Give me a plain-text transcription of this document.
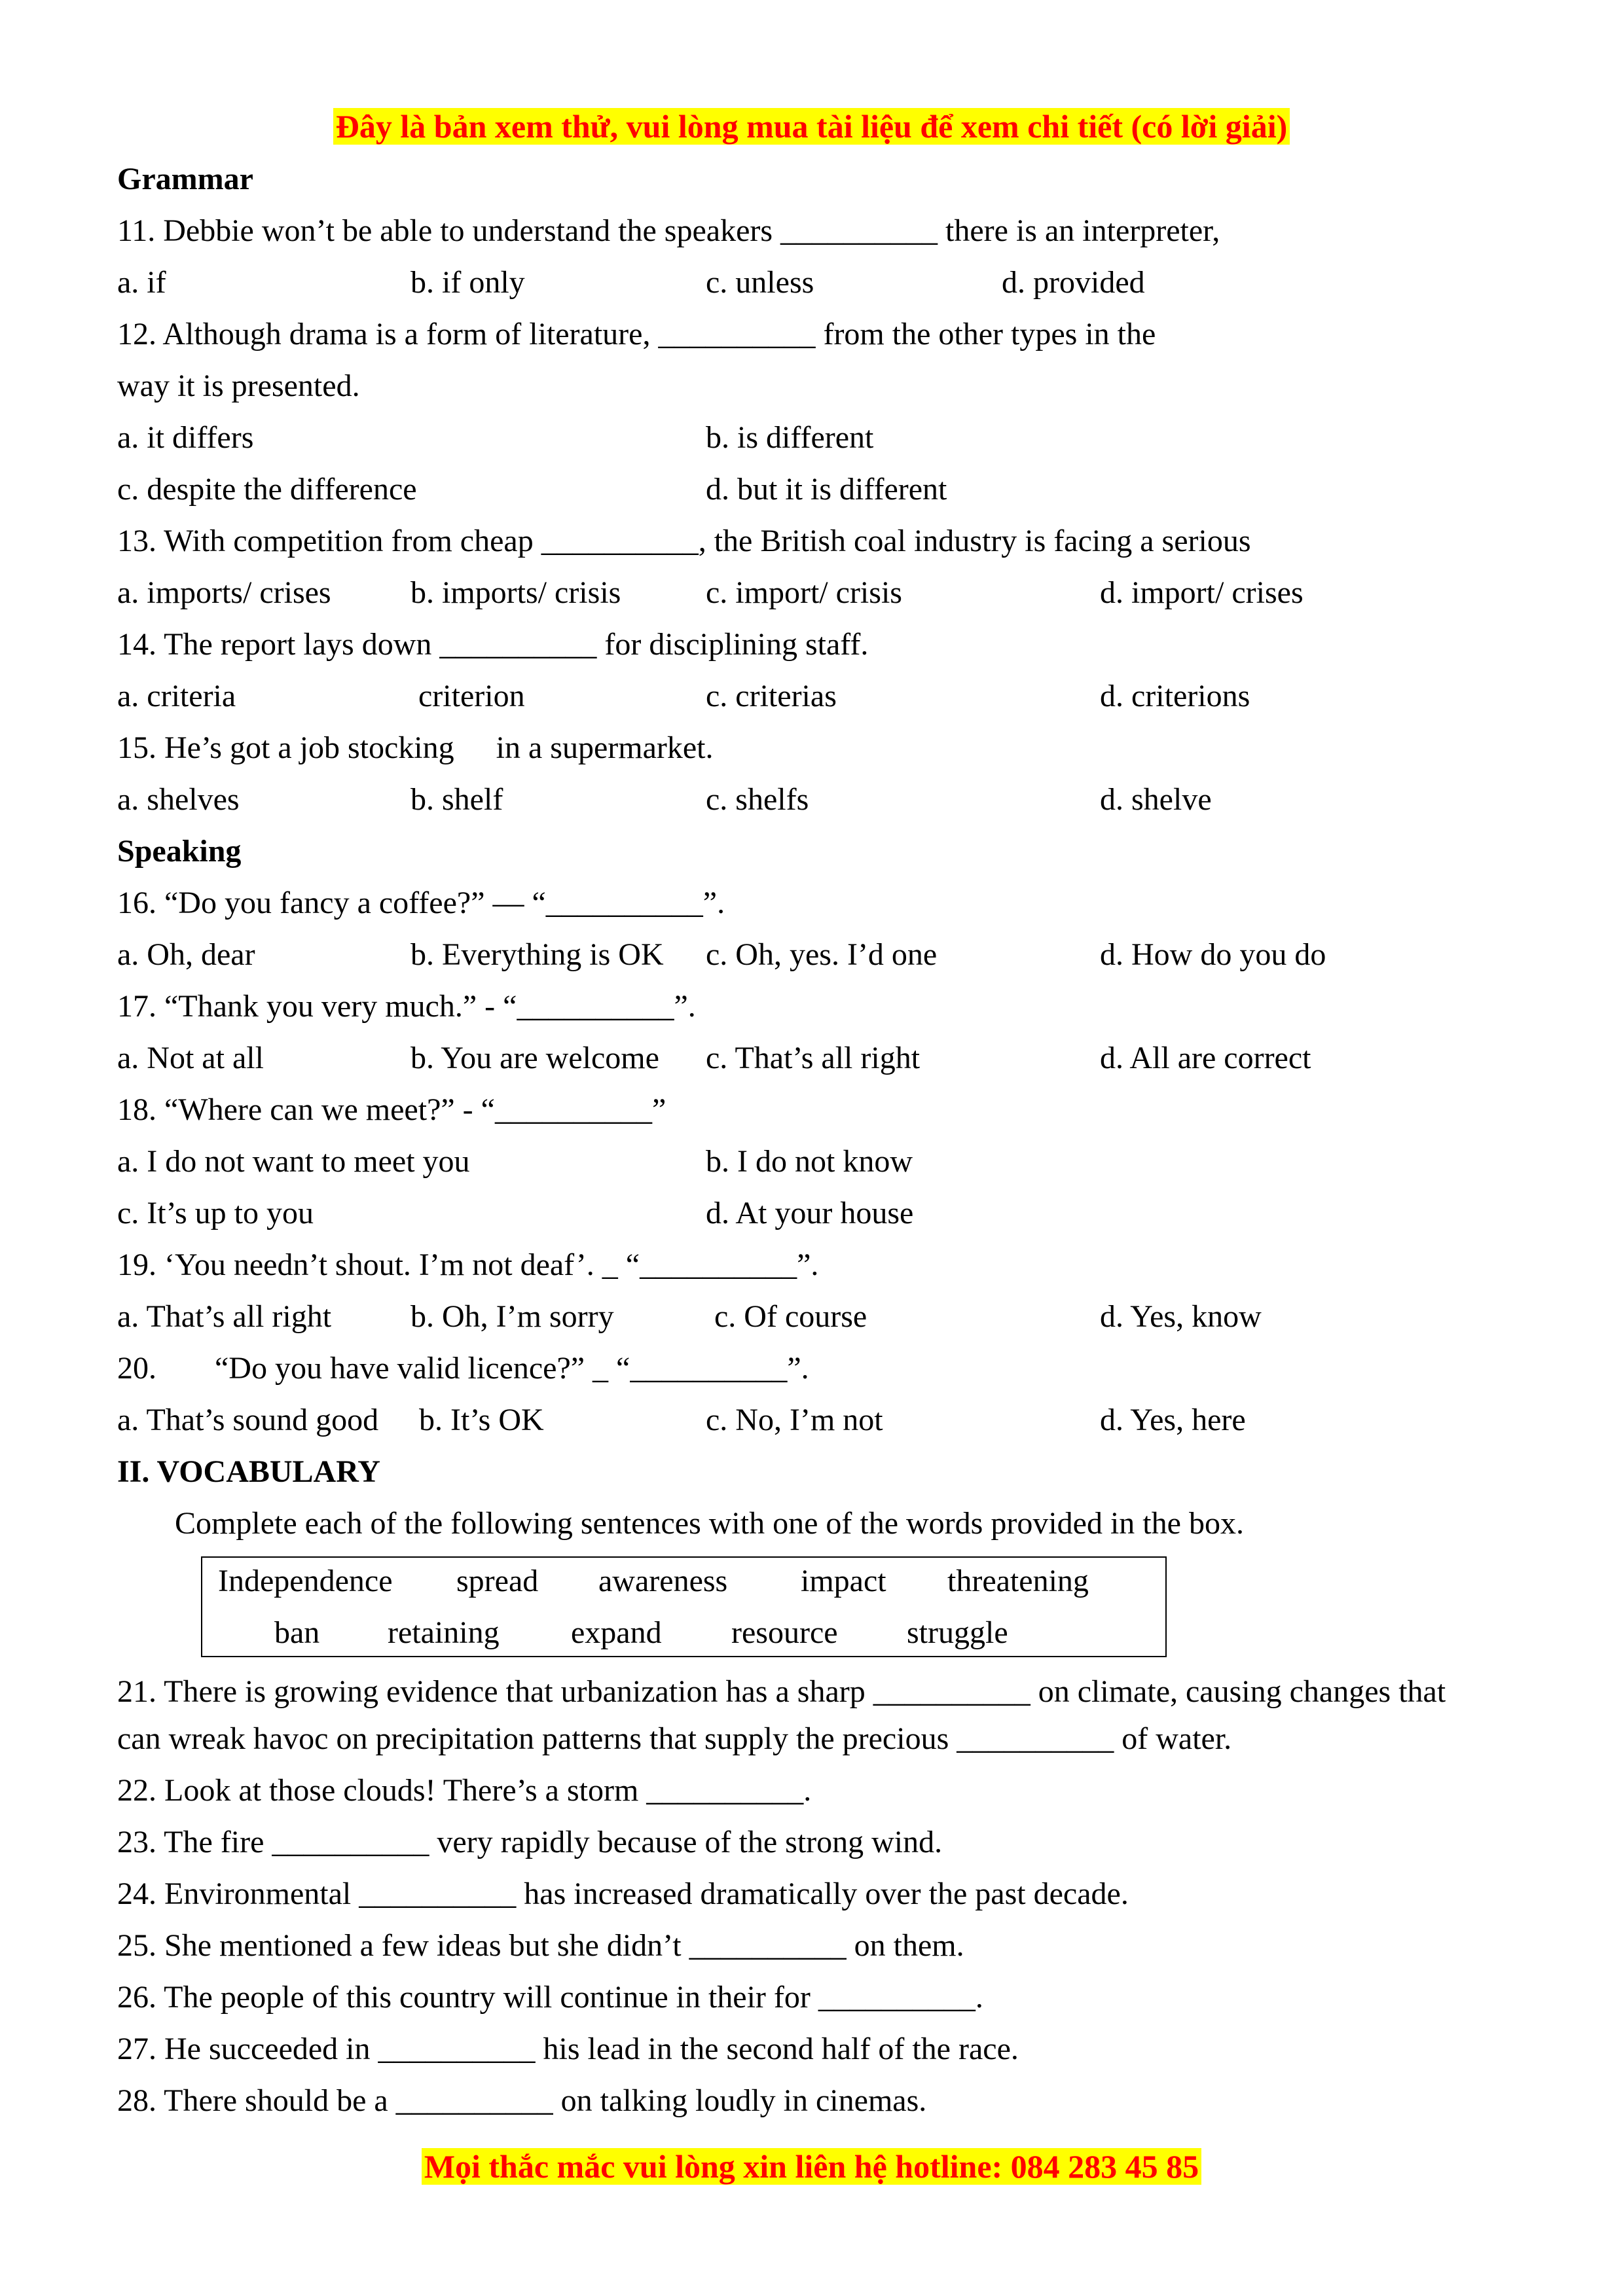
Đây là bản xem thử, vui lòng mua tài liệu để xem chi tiết (có lời giải)
Grammar
11. Debbie won’t be able to understand the speakers __________ there is an interpreter,
a. if	b. if only	c. unless	d. provided
12. Although drama is a form of literature, __________ from the other types in the
way it is presented.
a. it differs	b. is different
c. despite the difference	d. but it is different
13. With competition from cheap __________, the British coal industry is facing a serious
a. imports/ crises	b. imports/ crisis	c. import/ crisis	d. import/ crises
14. The report lays down __________ for disciplining staff.
a. criteria	criterion	c. criterias	d. criterions
15. He’s got a job stocking in a supermarket.
a. shelves	b. shelf	c. shelfs	d. shelve
Speaking
16. “Do you fancy a coffee?” — “__________”.
a. Oh, dear	b. Everything is OK c. Oh, yes. I’d one	d. How do you do
17. “Thank you very much.” - “__________”.
a. Not at all	b. You are welcome c. That’s all right	d. All are correct
18. “Where can we meet?” - “__________”
a. I do not want to meet you	b. I do not know
c. It’s up to you	d. At your house
19. ‘You needn’t shout. I’m not deaf’. _ “__________”.
a. That’s all right	b. Oh, I’m sorry	c. Of course	d. Yes, know
20. “Do you have valid licence?” _ “__________”.
a. That’s sound good b. It’s OK	c. No, I’m not	d. Yes, here
II. VOCABULARY
Complete each of the following sentences with one of the words provided in the box.
Independence spread awareness impact threatening
ban retaining expand resource struggle
21. There is growing evidence that urbanization has a sharp __________ on climate, causing changes that
can wreak havoc on precipitation patterns that supply the precious __________ of water.
22. Look at those clouds! There’s a storm __________.
23. The fire __________ very rapidly because of the strong wind.
24. Environmental __________ has increased dramatically over the past decade.
25. She mentioned a few ideas but she didn’t __________ on them.
26. The people of this country will continue in their for __________.
27. He succeeded in __________ his lead in the second half of the race.
28. There should be a __________ on talking loudly in cinemas.
Mọi thắc mắc vui lòng xin liên hệ hotline: 084 283 45 85
